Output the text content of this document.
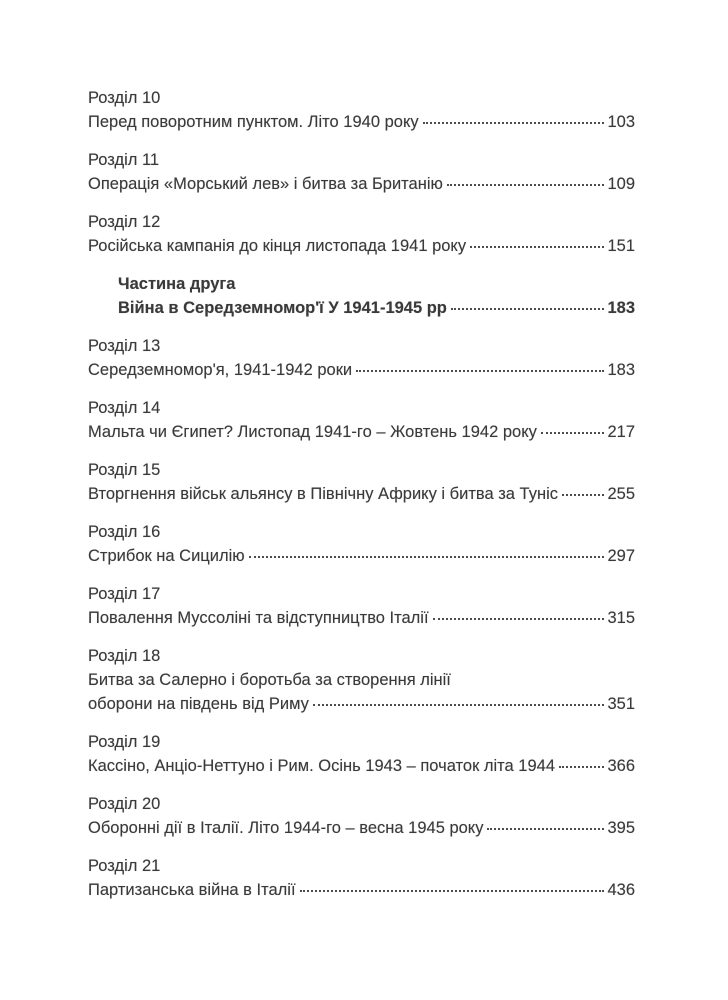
Розділ 10
Перед поворотним пунктом. Літо 1940 року	103
Розділ 11
Операція «Морський лев» і битва за Британію	109
Розділ 12
Російська кампанія до кінця листопада 1941 року	151
Частина друга
Війна в Середземномор'ї У 1941-1945 рр	183
Розділ 13
Середземномор'я, 1941-1942 роки	183
Розділ 14
Мальта чи Єгипет? Листопад 1941-го – Жовтень 1942 року	217
Розділ 15
Вторгнення військ альянсу в Північну Африку і битва за Туніс	255
Розділ 16
Стрибок на Сицилію	297
Розділ 17
Повалення Муссоліні та відступництво Італії	315
Розділ 18
Битва за Салерно і боротьба за створення лінії
оборони на південь від Риму	351
Розділ 19
Кассіно, Анціо-Неттуно і Рим. Осінь 1943 – початок літа 1944	366
Розділ 20
Оборонні дії в Італії. Літо 1944-го – весна 1945 року	395
Розділ 21
Партизанська війна в Італії	436
